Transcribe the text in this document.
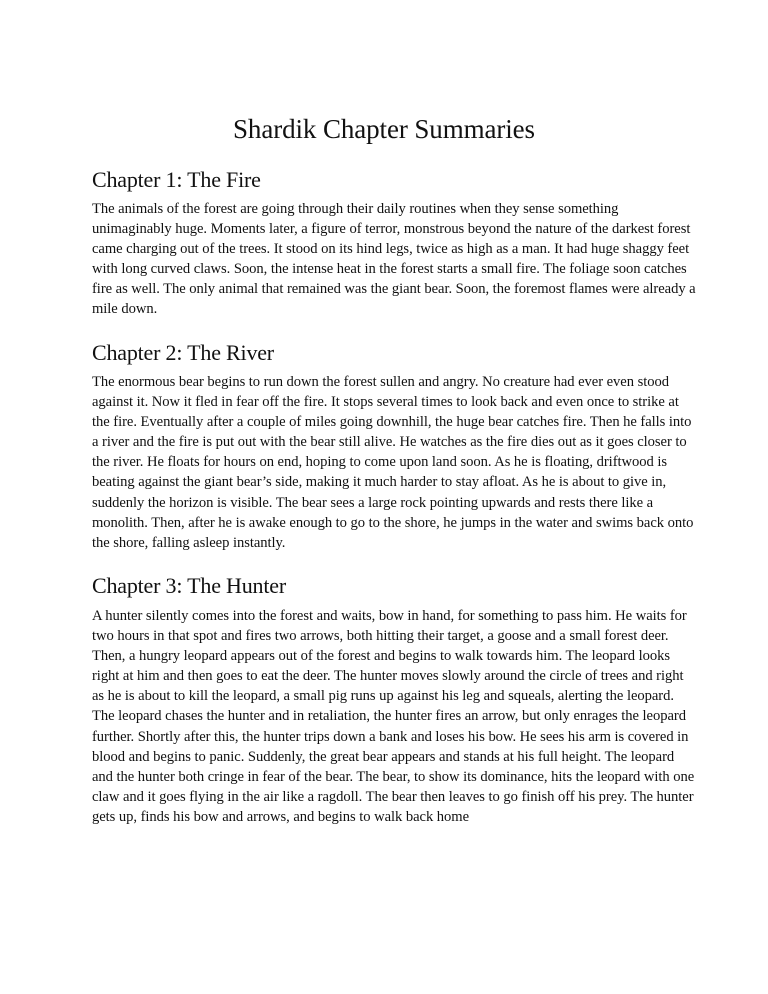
Shardik Chapter Summaries
Chapter 1: The Fire

The animals of the forest are going through their daily routines when they sense something unimaginably huge. Moments later, a figure of terror, monstrous beyond the nature of the darkest forest came charging out of the trees. It stood on its hind legs, twice as high as a man. It had huge shaggy feet with long curved claws. Soon, the intense heat in the forest starts a small fire. The foliage soon catches fire as well. The only animal that remained was the giant bear. Soon, the foremost flames were already a mile down.

Chapter 2: The River

The enormous bear begins to run down the forest sullen and angry. No creature had ever even stood against it. Now it fled in fear off the fire. It stops several times to look back and even once to strike at the fire. Eventually after a couple of miles going downhill, the huge bear catches fire. Then he falls into a river and the fire is put out with the bear still alive. He watches as the fire dies out as it goes closer to the river. He floats for hours on end, hoping to come upon land soon. As he is floating, driftwood is beating against the giant bear’s side, making it much harder to stay afloat. As he is about to give in, suddenly the horizon is visible. The bear sees a large rock pointing upwards and rests there like a monolith. Then, after he is awake enough to go to the shore, he jumps in the water and swims back onto the shore, falling asleep instantly.

Chapter 3: The Hunter

A hunter silently comes into the forest and waits, bow in hand, for something to pass him. He waits for two hours in that spot and fires two arrows, both hitting their target, a goose and a small forest deer. Then, a hungry leopard appears out of the forest and begins to walk towards him. The leopard looks right at him and then goes to eat the deer. The hunter moves slowly around the circle of trees and right as he is about to kill the leopard, a small pig runs up against his leg and squeals, alerting the leopard. The leopard chases the hunter and in retaliation, the hunter fires an arrow, but only enrages the leopard further. Shortly after this, the hunter trips down a bank and loses his bow. He sees his arm is covered in blood and begins to panic. Suddenly, the great bear appears and stands at his full height. The leopard and the hunter both cringe in fear of the bear. The bear, to show its dominance, hits the leopard with one claw and it goes flying in the air like a ragdoll. The bear then leaves to go finish off his prey. The hunter gets up, finds his bow and arrows, and begins to walk back home
